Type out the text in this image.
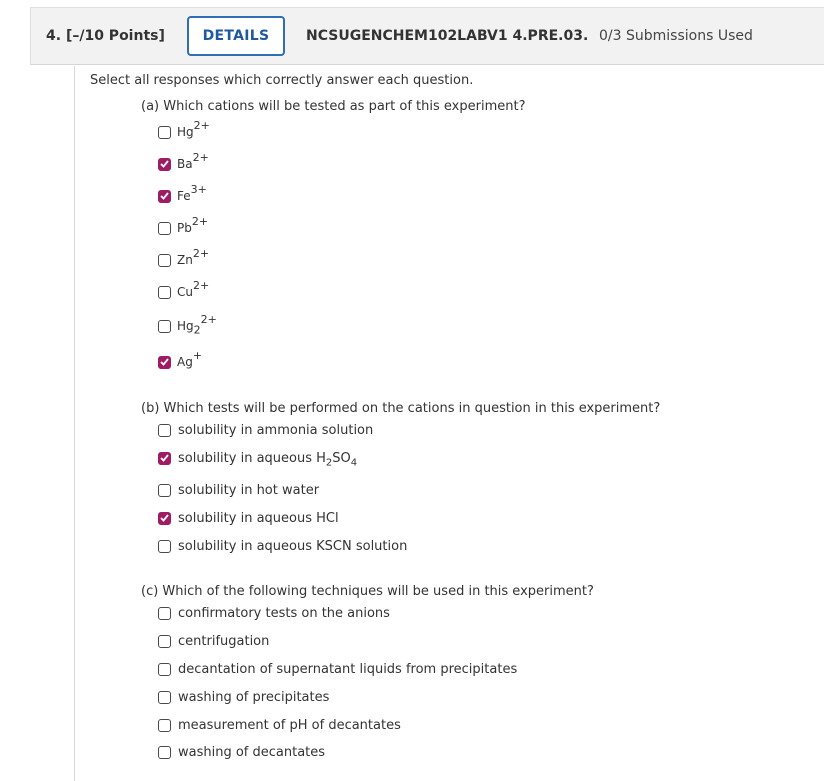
4. [–/10 Points]	DETAILS	NCSUGENCHEM102LABV1 4.PRE.03. 0/3 Submissions Used
Select all responses which correctly answer each question.
(a) Which cations will be tested as part of this experiment?
$Hg^{2+}$
$Ba^{2+}$
$Fe^{3+}$
$Pb^{2+}$
$Zn^{2+}$
$Cu^{2+}$
$Hg_2^{2+}$
Ag+
(b) Which tests will be performed on the cations in question in this experiment?
solubility in ammonia solution
solubility in aqueous $H_2SO_4$
solubility in hot water
solubility in aqueous HCl
solubility in aqueous KSCN solution
(c) Which of the following techniques will be used in this experiment?
confirmatory tests on the anions
centrifugation
decantation of supernatant liquids from precipitates
washing of precipitates
measurement of pH of decantates
washing of decantates
